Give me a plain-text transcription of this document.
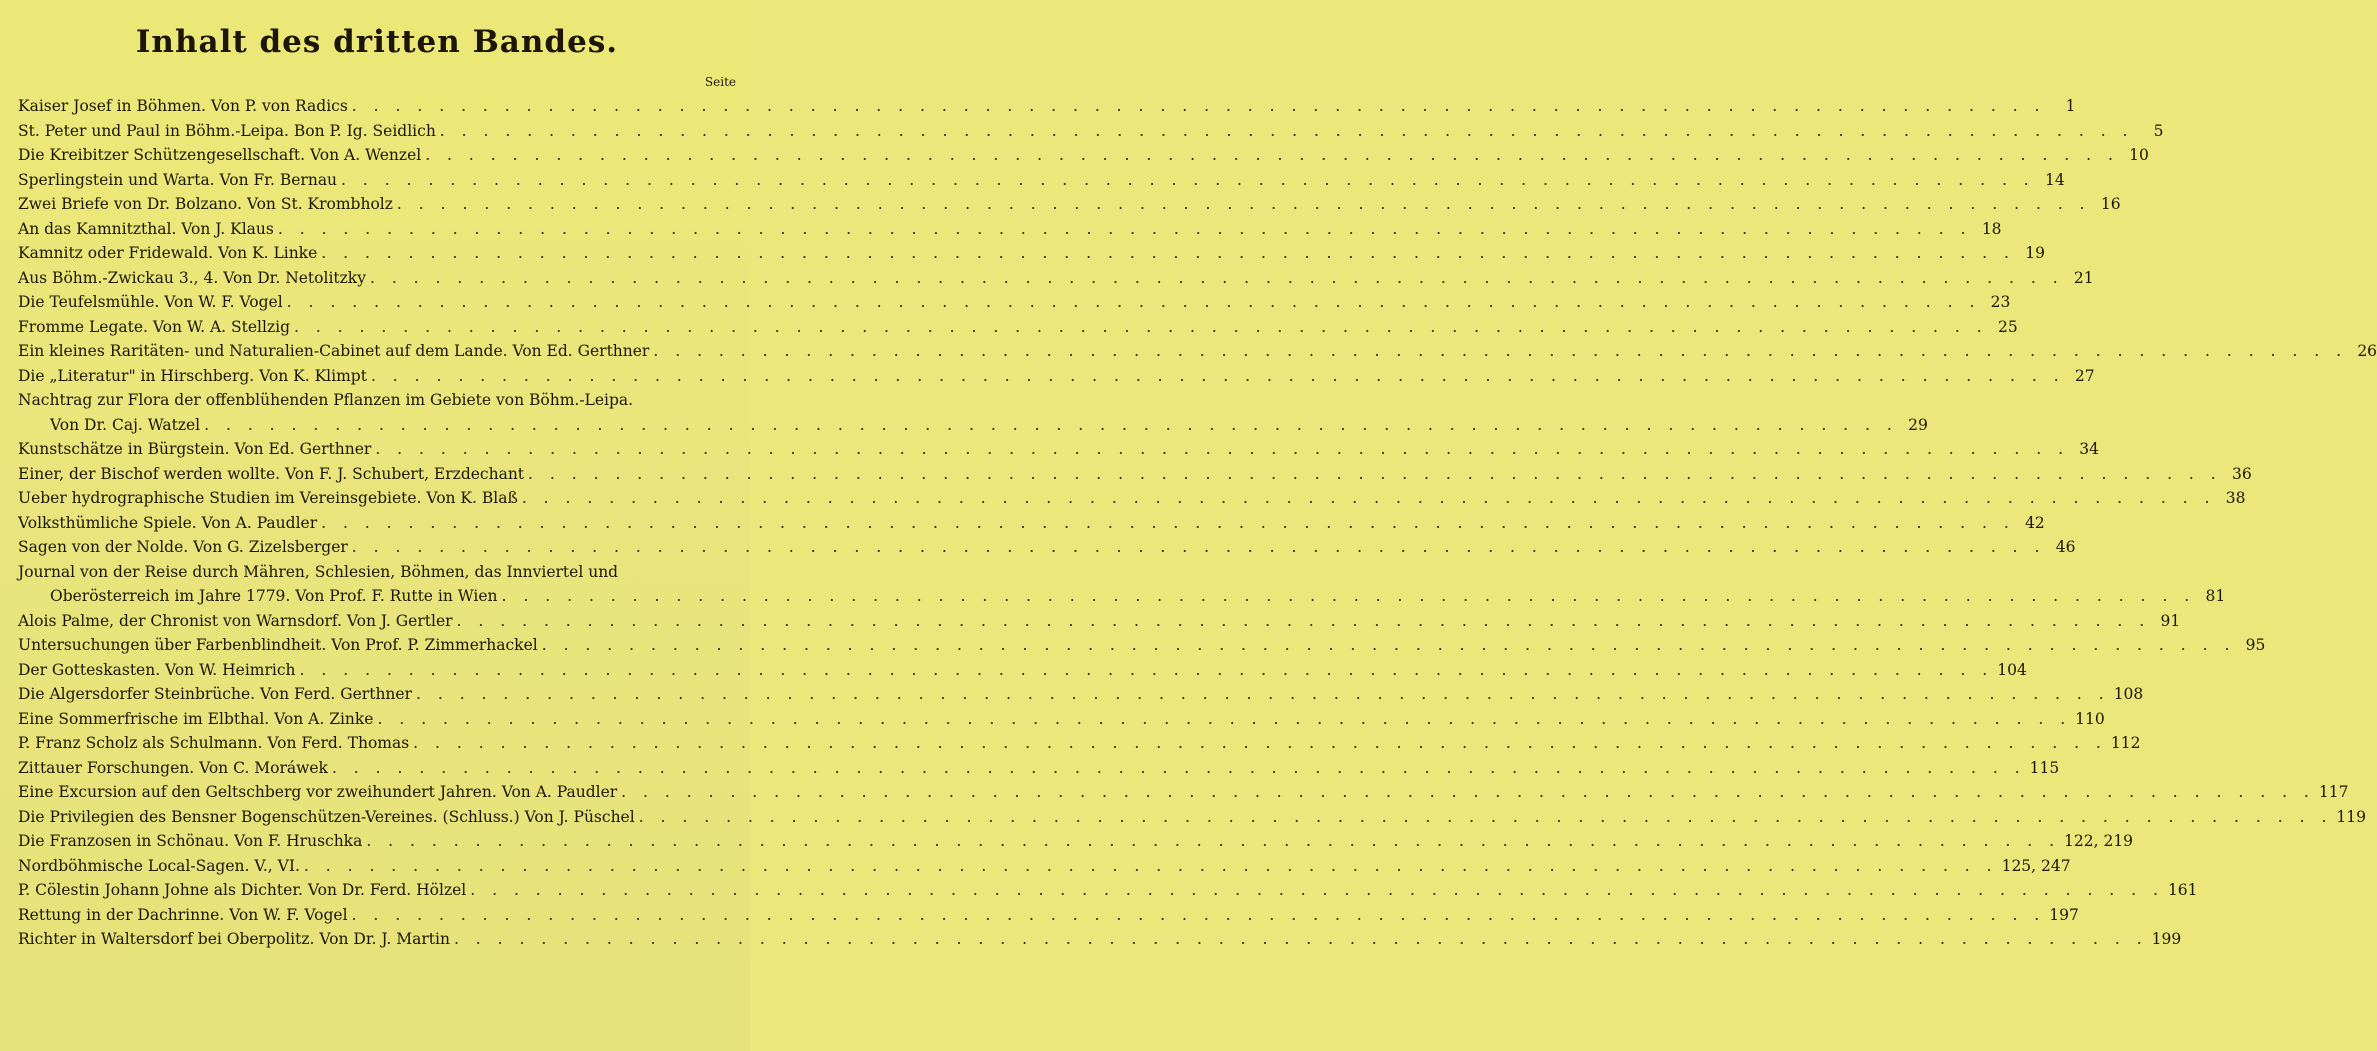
Inhalt des dritten Bandes.
Seite
Kaiser Josef in Böhmen. Von P. von Radics . . .	1
St. Peter und Paul in Böhm.-Leipa. Bon P. Ig. Seidlich . . .	5
Die Kreibitzer Schützengesellschaft. Von A. Wenzel . . .	10
Sperlingstein und Warta. Von Fr. Bernau . . .	14
Zwei Briefe von Dr. Bolzano. Von St. Krombholz . . .	16
An das Kamnitzthal. Von J. Klaus . . .	18
Kamnitz oder Fridewald. Von K. Linke . . .	19
Aus Böhm.-Zwickau 3., 4. Von Dr. Netolitzky . . .	21
Die Teufelsmühle. Von W. F. Vogel . . .	23
Fromme Legate. Von W. A. Stellzig . . .	25
Ein kleines Raritäten- und Naturalien-Cabinet auf dem Lande. Von Ed. Gerthner . . .	26
Die „Literatur" in Hirschberg. Von K. Klimpt . . .	27
Nachtrag zur Flora der offenblühenden Pflanzen im Gebiete von Böhm.-Leipa.
Von Dr. Caj. Watzel . . .	29
Kunstschätze in Bürgstein. Von Ed. Gerthner . . .	34
Einer, der Bischof werden wollte. Von F. J. Schubert, Erzdechant . . .	36
Ueber hydrographische Studien im Vereinsgebiete. Von K. Blaß . . .	38
Volksthümliche Spiele. Von A. Paudler . . .	42
Sagen von der Nolde. Von G. Zizelsberger . . .	46
Journal von der Reise durch Mähren, Schlesien, Böhmen, das Innviertel und
Oberösterreich im Jahre 1779. Von Prof. F. Rutte in Wien . . .	81
Alois Palme, der Chronist von Warnsdorf. Von J. Gertler . . .	91
Untersuchungen über Farbenblindheit. Von Prof. P. Zimmerhackel . . .	95
Der Gotteskasten. Von W. Heimrich . . .	104
Die Algersdorfer Steinbrüche. Von Ferd. Gerthner . . .	108
Eine Sommerfrische im Elbthal. Von A. Zinke . . .	110
P. Franz Scholz als Schulmann. Von Ferd. Thomas . . .	112
Zittauer Forschungen. Von C. Moráwek . . .	115
Eine Excursion auf den Geltschberg vor zweihundert Jahren. Von A. Paudler . . .	117
Die Privilegien des Bensner Bogenschützen-Vereines. (Schluss.) Von J. Püschel . . .	119
Die Franzosen in Schönau. Von F. Hruschka . . .	122, 219
Nordböhmische Local-Sagen. V., VI. . . .	125, 247
P. Cölestin Johann Johne als Dichter. Von Dr. Ferd. Hölzel . . .	161
Rettung in der Dachrinne. Von W. F. Vogel . . .	197
Richter in Waltersdorf bei Oberpolitz. Von Dr. J. Martin . . .	199
